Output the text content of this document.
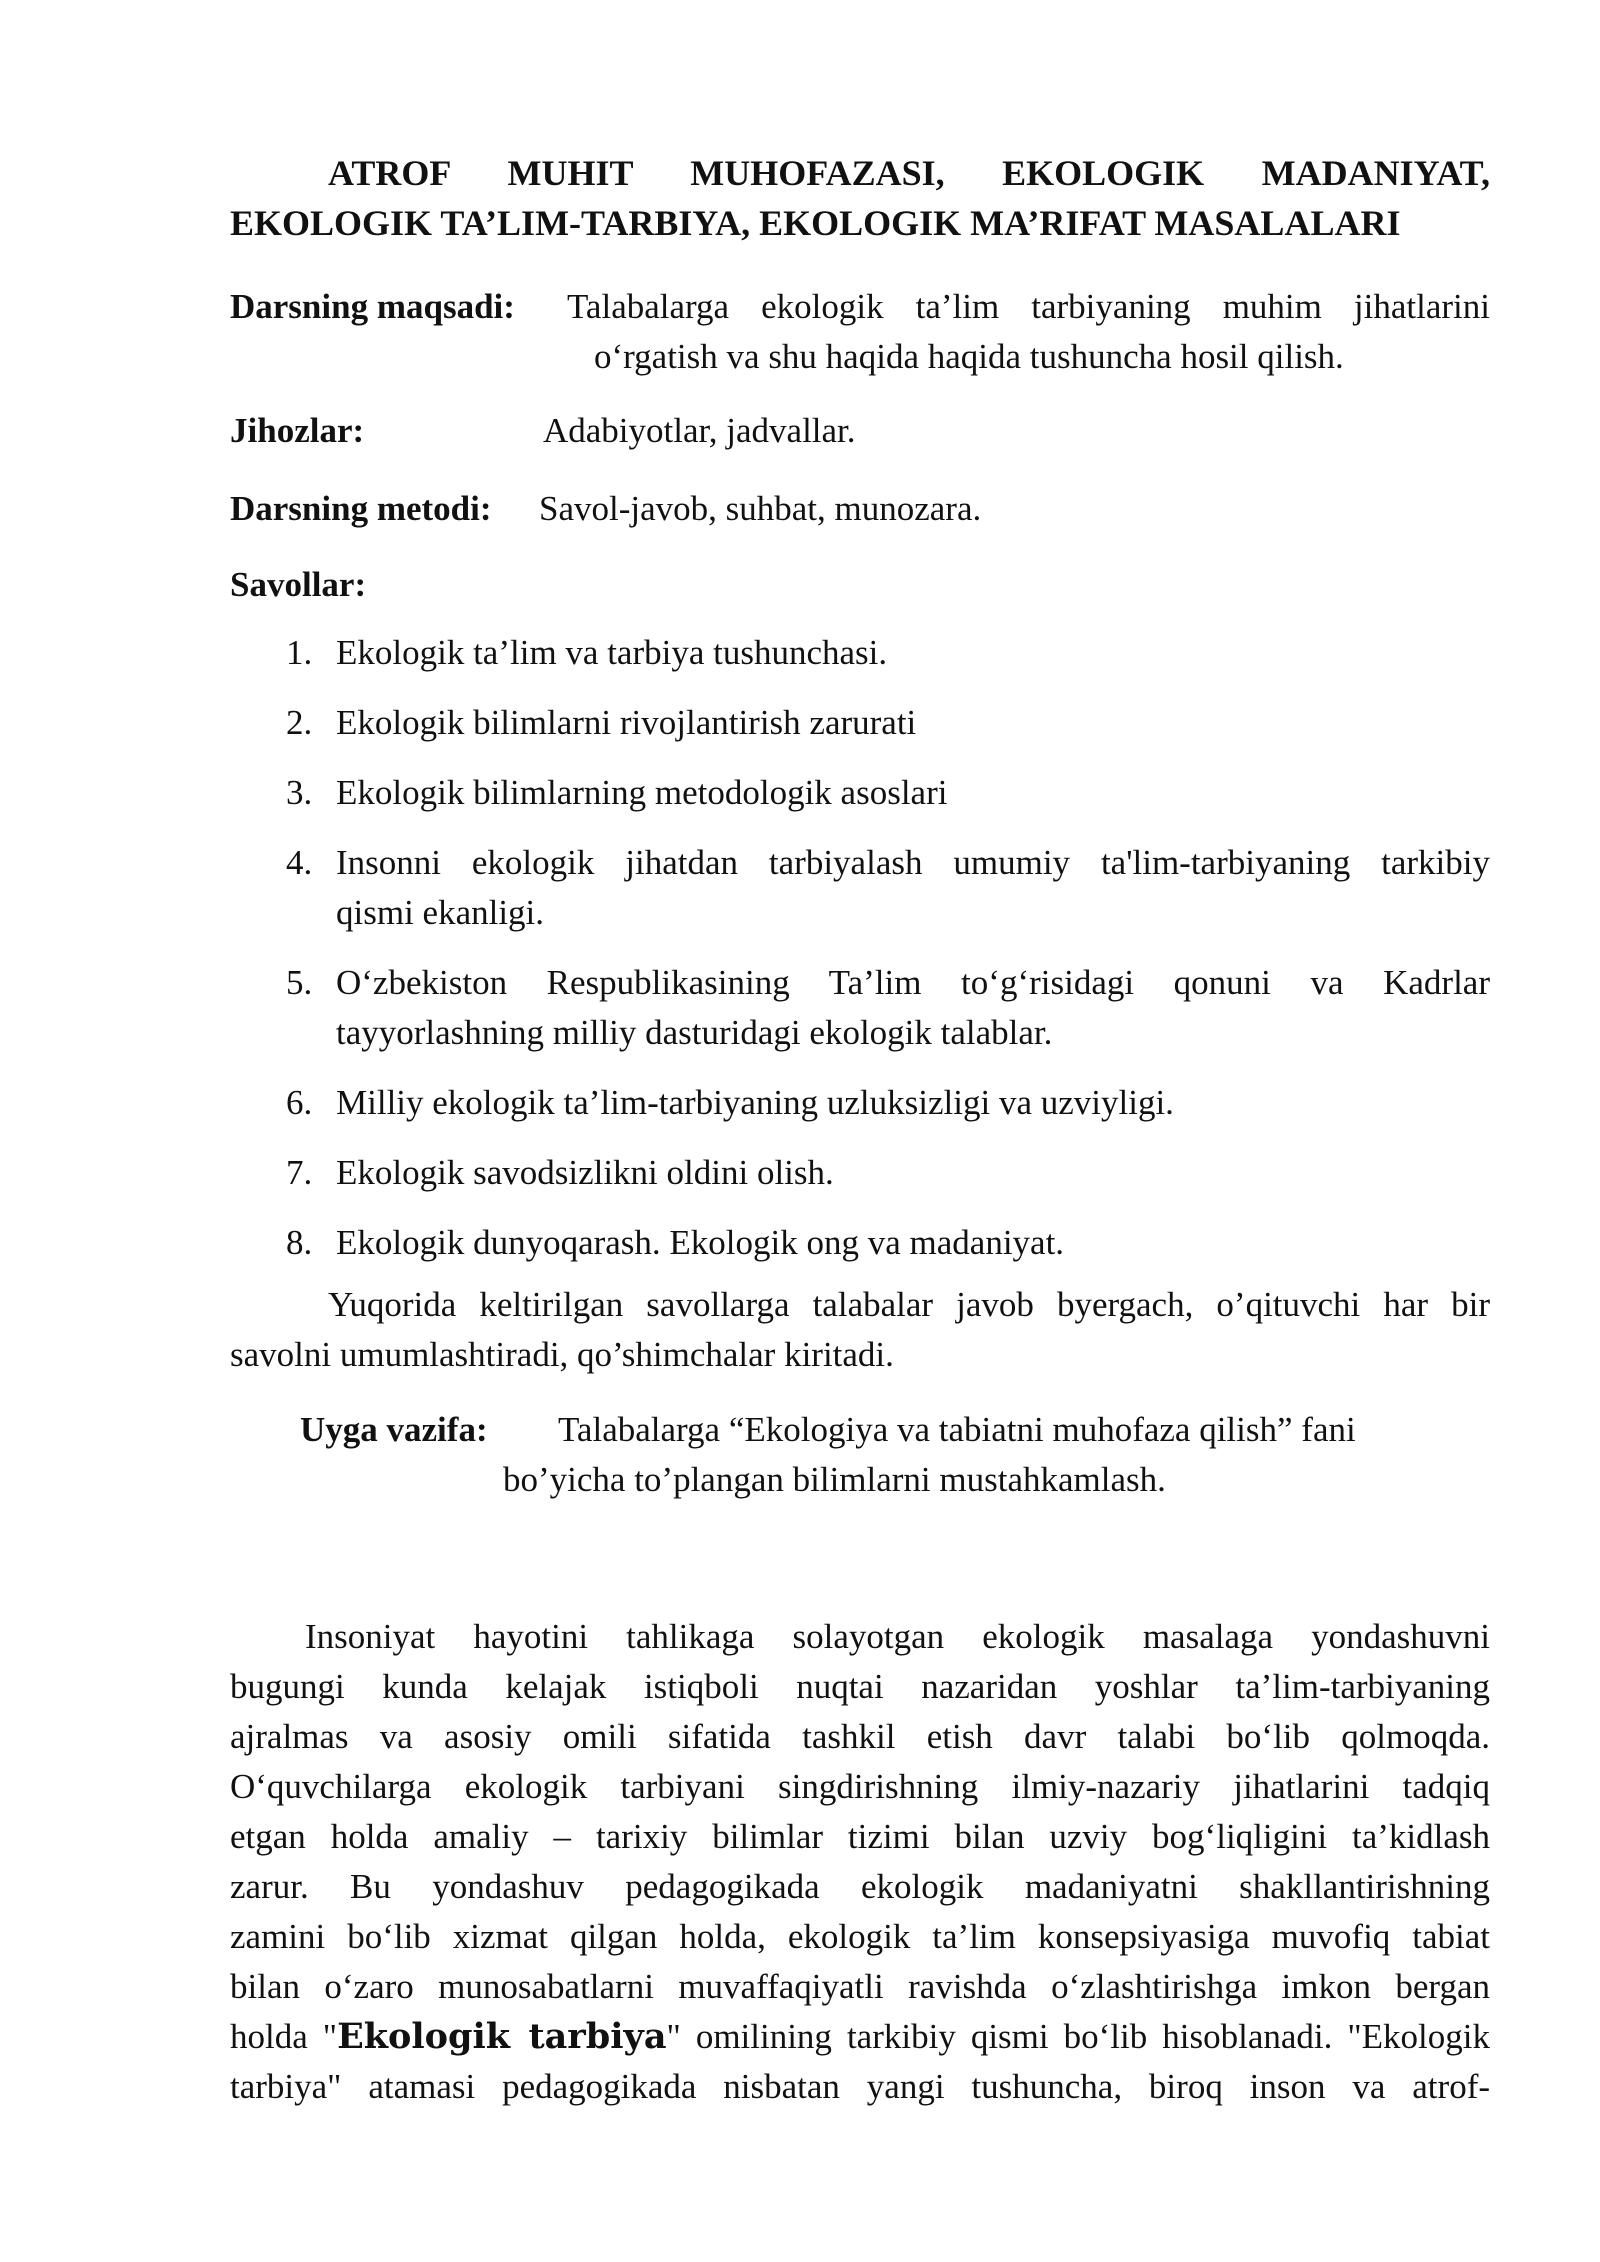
ATROF MUHIT MUHOFAZASI, EKOLOGIK MADANIYAT,
EKOLOGIK TA’LIM-TARBIYA, EKOLOGIK MA’RIFAT MASALALARI
Darsning maqsadi: Talabalarga ekologik ta’lim tarbiyaning muhim jihatlarini
o‘rgatish va shu haqida haqida tushuncha hosil qilish.
Jihozlar:	Adabiyotlar, jadvallar.
Darsning metodi: Savol-javob, suhbat, munozara.
Savollar:
1. Ekologik ta’lim va tarbiya tushunchasi.
2. Ekologik bilimlarni rivojlantirish zarurati
3. Ekologik bilimlarning metodologik asoslari
4. Insonni ekologik jihatdan tarbiyalash umumiy ta'lim-tarbiyaning tarkibiy
qismi ekanligi.
5. O‘zbekiston Respublikasining Ta’lim to‘g‘risidagi qonuni va Kadrlar
tayyorlashning milliy dasturidagi ekologik talablar.
6. Milliy ekologik ta’lim-tarbiyaning uzluksizligi va uzviyligi.
7. Ekologik savodsizlikni oldini olish.
8. Ekologik dunyoqarash. Ekologik ong va madaniyat.
Yuqorida keltirilgan savollarga talabalar javob byergach, o’qituvchi har bir
savolni umumlashtiradi, qo’shimchalar kiritadi.
Uyga vazifa: Talabalarga “Ekologiya va tabiatni muhofaza qilish” fani
bo’yicha to’plangan bilimlarni mustahkamlash.
Insoniyat hayotini tahlikaga solayotgan ekologik masalaga yondashuvni
bugungi kunda kelajak istiqboli nuqtai nazaridan yoshlar ta’lim-tarbiyaning
ajralmas va asosiy omili sifatida tashkil etish davr talabi bo‘lib qolmoqda.
O‘quvchilarga ekologik tarbiyani singdirishning ilmiy-nazariy jihatlarini tadqiq
etgan holda amaliy – tarixiy bilimlar tizimi bilan uzviy bog‘liqligini ta’kidlash
zarur. Bu yondashuv pedagogikada ekologik madaniyatni shakllantirishning
zamini bo‘lib xizmat qilgan holda, ekologik ta’lim konsepsiyasiga muvofiq tabiat
bilan o‘zaro munosabatlarni muvaffaqiyatli ravishda o‘zlashtirishga imkon bergan
holda "Ekologik tarbiya" omilining tarkibiy qismi bo‘lib hisoblanadi. "Ekologik
tarbiya" atamasi pedagogikada nisbatan yangi tushuncha, biroq inson va atrof-
